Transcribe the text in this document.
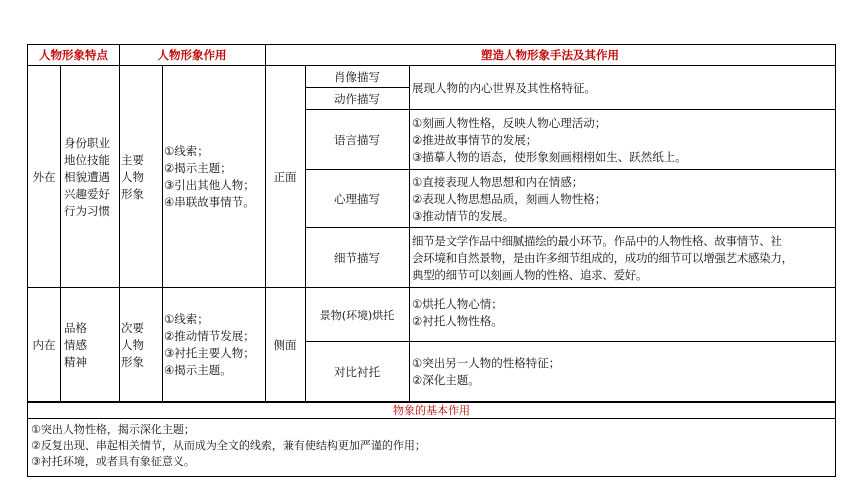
人物形象特点	人物形象作用	塑造人物形象手法及其作用
外在
身份职业
地位技能
相貌遭遇
兴趣爱好
行为习惯
主要
人物
形象
①线索；
②揭示主题；
③引出其他人物；
④串联故事情节。
正面
肖像描写
动作描写
展现人物的内心世界及其性格特征。
语言描写
①刻画人物性格，反映人物心理活动；
②推进故事情节的发展；
③描摹人物的语态，使形象刻画栩栩如生、跃然纸上。
心理描写
①直接表现人物思想和内在情感；
②表现人物思想品质，刻画人物性格；
③推动情节的发展。
细节描写
细节是文学作品中细腻描绘的最小环节。作品中的人物性格、故事情节、社
会环境和自然景物，是由许多细节组成的，成功的细节可以增强艺术感染力，
典型的细节可以刻画人物的性格、追求、爱好。
内在
品格
情感
精神
次要
人物
形象
①线索；
②推动情节发展；
③衬托主要人物；
④揭示主题。
侧面
景物(环境)烘托
①烘托人物心情；
②衬托人物性格。
对比衬托
①突出另一人物的性格特征；
②深化主题。
物象的基本作用
①突出人物性格，揭示深化主题；
②反复出现、串起相关情节，从而成为全文的线索，兼有使结构更加严谨的作用；
③衬托环境，或者具有象征意义。
